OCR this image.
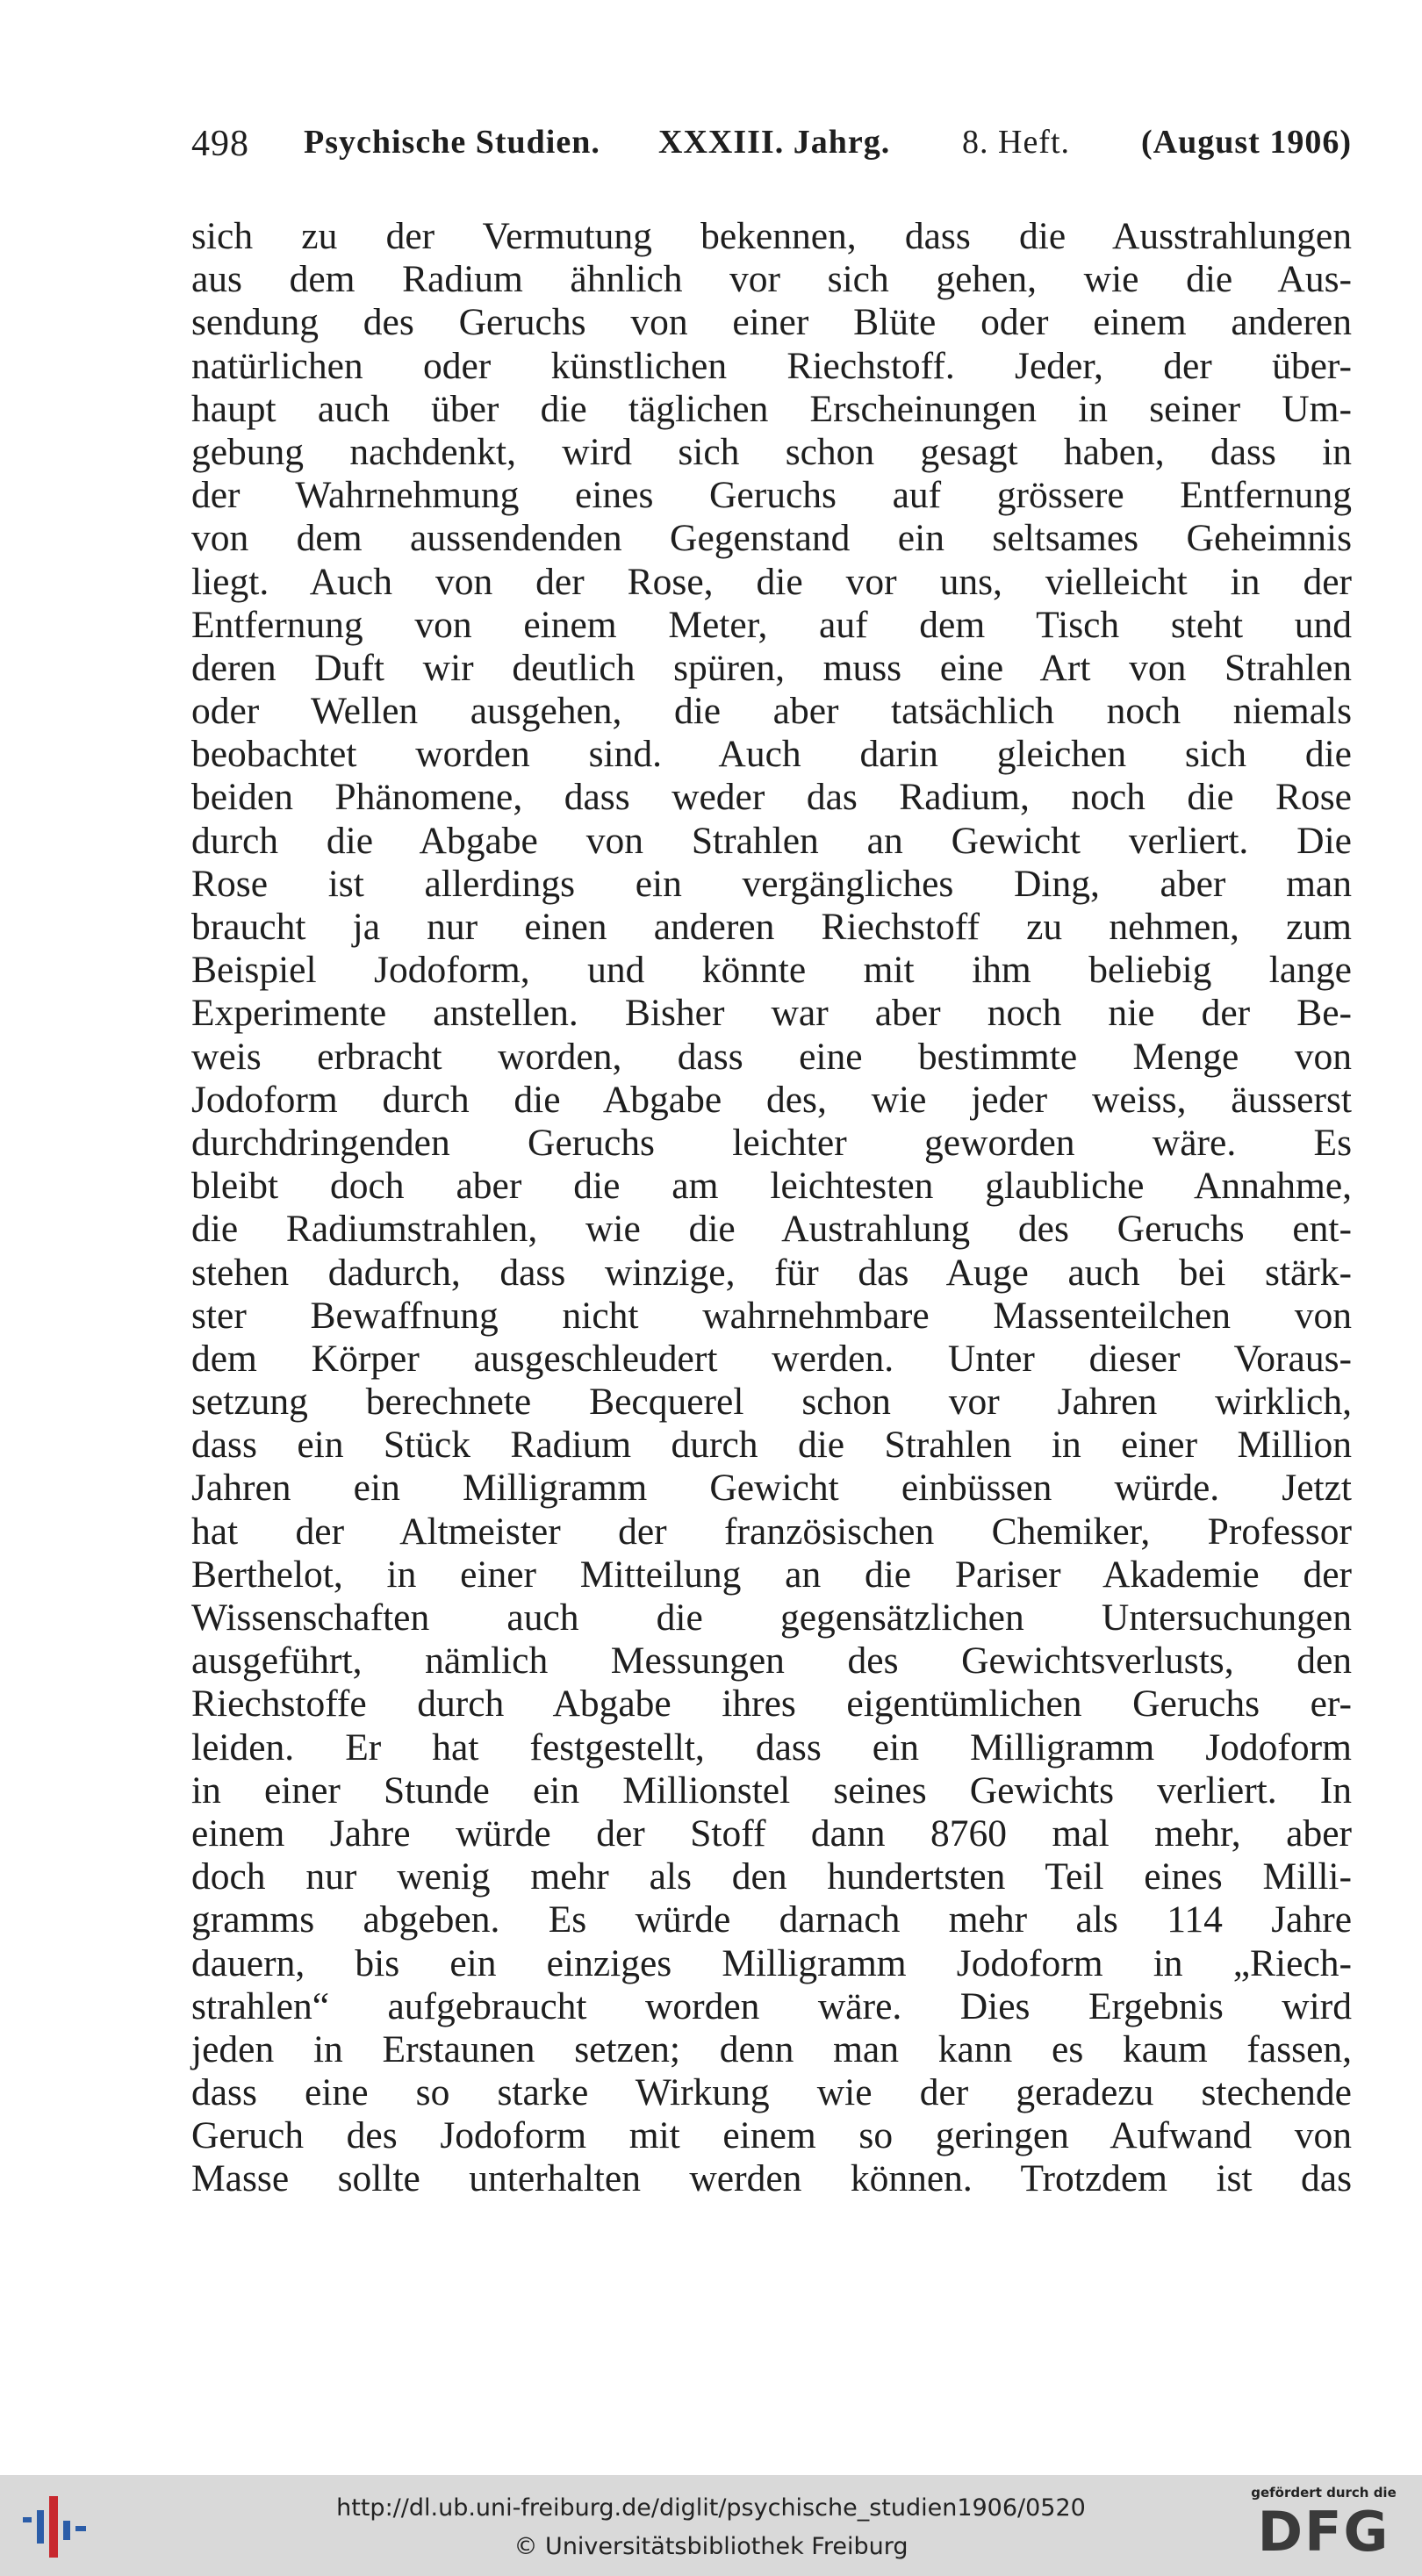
498 Psychische Studien. XXXIII. Jahrg. 8. Heft. (August 1906)
sich zu der Vermutung bekennen, dass die Ausstrahlungen
aus dem Radium ähnlich vor sich gehen, wie die Aus-
sendung des Geruchs von einer Blüte oder einem anderen
natürlichen oder künstlichen Riechstoff. Jeder, der über-
haupt auch über die täglichen Erscheinungen in seiner Um-
gebung nachdenkt, wird sich schon gesagt haben, dass in
der Wahrnehmung eines Geruchs auf grössere Entfernung
von dem aussendenden Gegenstand ein seltsames Geheimnis
liegt. Auch von der Rose, die vor uns, vielleicht in der
Entfernung von einem Meter, auf dem Tisch steht und
deren Duft wir deutlich spüren, muss eine Art von Strahlen
oder Wellen ausgehen, die aber tatsächlich noch niemals
beobachtet worden sind. Auch darin gleichen sich die
beiden Phänomene, dass weder das Radium, noch die Rose
durch die Abgabe von Strahlen an Gewicht verliert. Die
Rose ist allerdings ein vergängliches Ding, aber man
braucht ja nur einen anderen Riechstoff zu nehmen, zum
Beispiel Jodoform, und könnte mit ihm beliebig lange
Experimente anstellen. Bisher war aber noch nie der Be-
weis erbracht worden, dass eine bestimmte Menge von
Jodoform durch die Abgabe des, wie jeder weiss, äusserst
durchdringenden Geruchs leichter geworden wäre. Es
bleibt doch aber die am leichtesten glaubliche Annahme,
die Radiumstrahlen, wie die Austrahlung des Geruchs ent-
stehen dadurch, dass winzige, für das Auge auch bei stärk-
ster Bewaffnung nicht wahrnehmbare Massenteilchen von
dem Körper ausgeschleudert werden. Unter dieser Voraus-
setzung berechnete Becquerel schon vor Jahren wirklich,
dass ein Stück Radium durch die Strahlen in einer Million
Jahren ein Milligramm Gewicht einbüssen würde. Jetzt
hat der Altmeister der französischen Chemiker, Professor
Berthelot, in einer Mitteilung an die Pariser Akademie der
Wissenschaften auch die gegensätzlichen Untersuchungen
ausgeführt, nämlich Messungen des Gewichtsverlusts, den
Riechstoffe durch Abgabe ihres eigentümlichen Geruchs er-
leiden. Er hat festgestellt, dass ein Milligramm Jodoform
in einer Stunde ein Millionstel seines Gewichts verliert. In
einem Jahre würde der Stoff dann 8760 mal mehr, aber
doch nur wenig mehr als den hundertsten Teil eines Milli-
gramms abgeben. Es würde darnach mehr als 114 Jahre
dauern, bis ein einziges Milligramm Jodoform in „Riech-
strahlen“ aufgebraucht worden wäre. Dies Ergebnis wird
jeden in Erstaunen setzen; denn man kann es kaum fassen,
dass eine so starke Wirkung wie der geradezu stechende
Geruch des Jodoform mit einem so geringen Aufwand von
Masse sollte unterhalten werden können. Trotzdem ist das
http://dl.ub.uni-freiburg.de/diglit/psychische_studien1906/0520
© Universitätsbibliothek Freiburg
gefördert durch die
DFG
